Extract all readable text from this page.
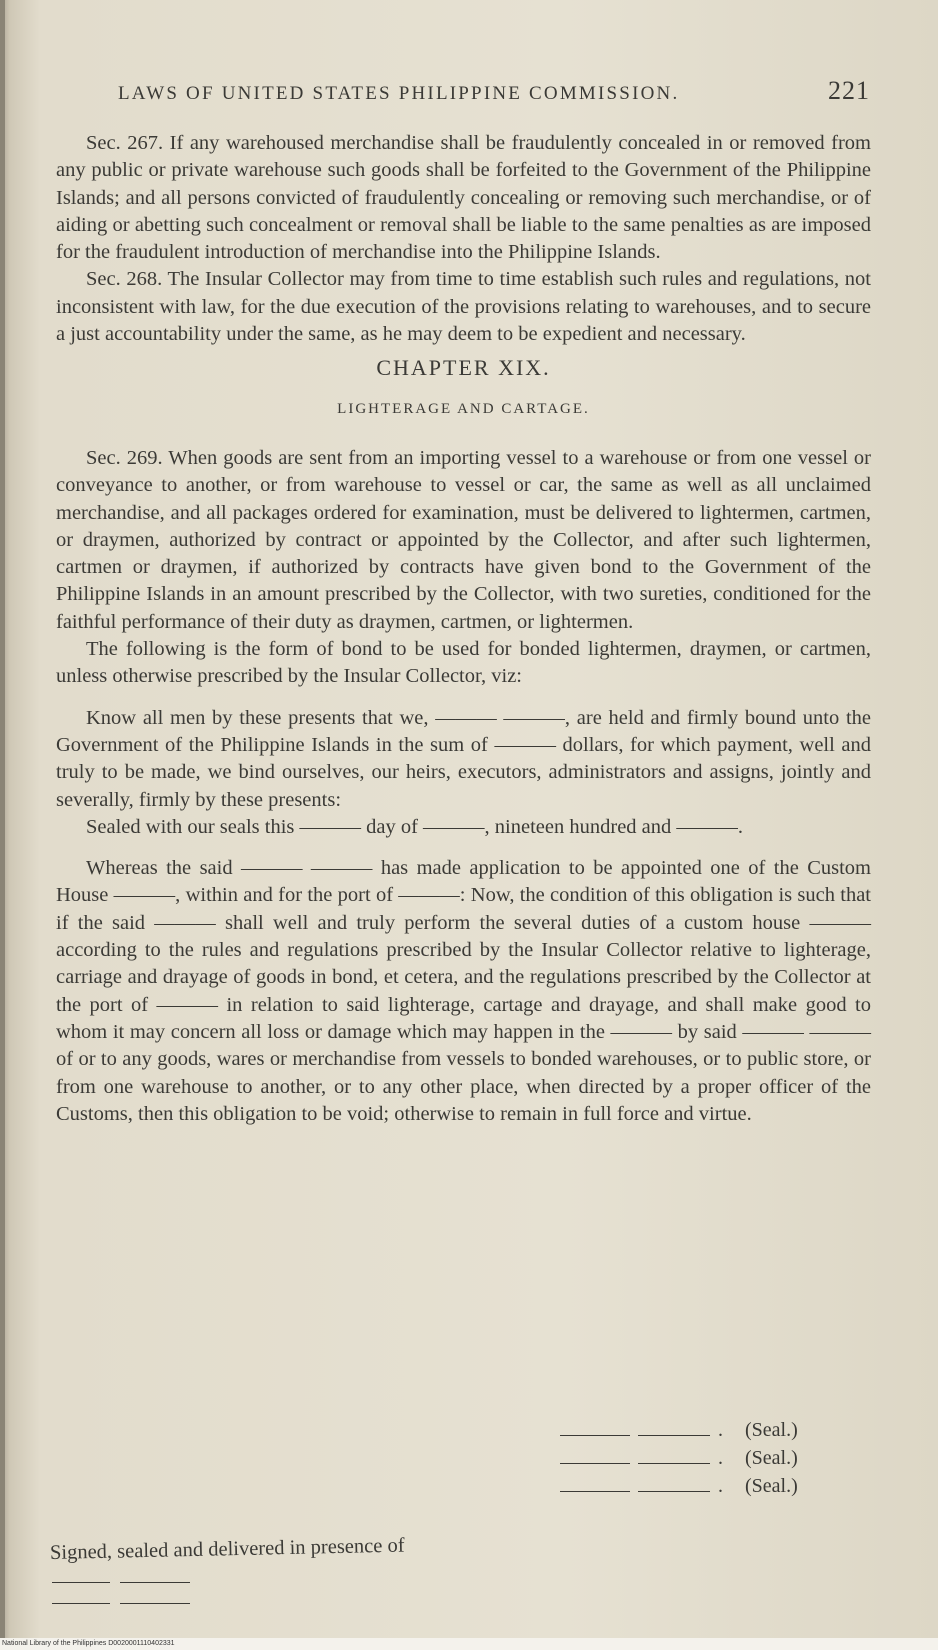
LAWS OF UNITED STATES PHILIPPINE COMMISSION.	221

Sec. 267. If any warehoused merchandise shall be fraudulently concealed in or removed from any public or private warehouse such goods shall be forfeited to the Government of the Philippine Islands; and all persons convicted of fraudulently concealing or removing such merchandise, or of aiding or abetting such concealment or removal shall be liable to the same penalties as are imposed for the fraudulent introduction of merchandise into the Philippine Islands.

Sec. 268. The Insular Collector may from time to time establish such rules and regulations, not inconsistent with law, for the due execution of the provisions relating to warehouses, and to secure a just accountability under the same, as he may deem to be expedient and necessary.

CHAPTER XIX.
LIGHTERAGE AND CARTAGE.

Sec. 269. When goods are sent from an importing vessel to a warehouse or from one vessel or conveyance to another, or from warehouse to vessel or car, the same as well as all unclaimed merchandise, and all packages ordered for examination, must be delivered to lightermen, cartmen, or draymen, authorized by contract or appointed by the Collector, and after such lightermen, cartmen or draymen, if authorized by contracts have given bond to the Government of the Philippine Islands in an amount prescribed by the Collector, with two sureties, conditioned for the faithful performance of their duty as draymen, cartmen, or lightermen.

The following is the form of bond to be used for bonded lightermen, draymen, or cartmen, unless otherwise prescribed by the Insular Collector, viz:

Know all men by these presents that we, ——— ———, are held and firmly bound unto the Government of the Philippine Islands in the sum of ——— dollars, for which payment, well and truly to be made, we bind ourselves, our heirs, executors, administrators and assigns, jointly and severally, firmly by these presents:

Sealed with our seals this ——— day of ———, nineteen hundred and ———.

Whereas the said ——— ——— has made application to be appointed one of the Custom House ———, within and for the port of ———: Now, the condition of this obligation is such that if the said ——— shall well and truly perform the several duties of a custom house ——— according to the rules and regulations prescribed by the Insular Collector relative to lighterage, carriage and drayage of goods in bond, et cetera, and the regulations prescribed by the Collector at the port of ——— in relation to said lighterage, cartage and drayage, and shall make good to whom it may concern all loss or damage which may happen in the ——— by said ——— ——— of or to any goods, wares or merchandise from vessels to bonded warehouses, or to public store, or from one warehouse to another, or to any other place, when directed by a proper officer of the Customs, then this obligation to be void; otherwise to remain in full force and virtue.

. (Seal.)
. (Seal.)
. (Seal.)
Signed, sealed and delivered in presence of
National Library of the Philippines D0020001110402331
